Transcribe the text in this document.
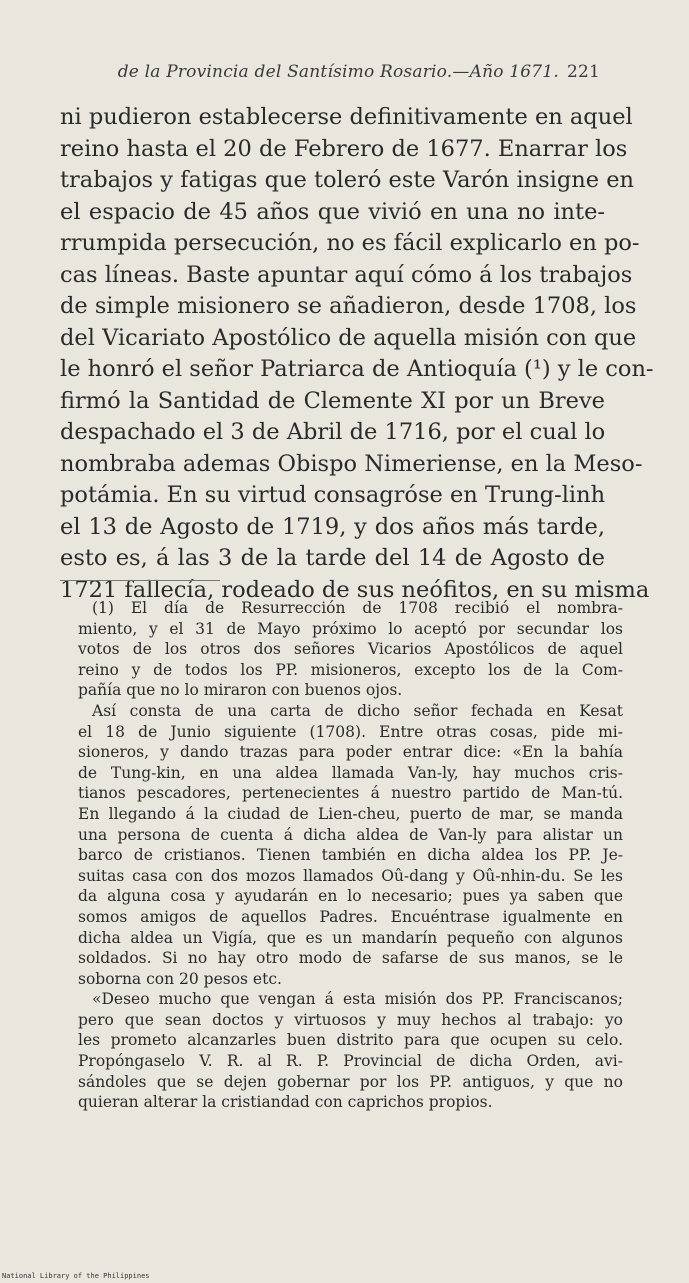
de la Provincia del Santísimo Rosario.—Año 1671. 221
ni pudieron establecerse definitivamente en aquel
reino hasta el 20 de Febrero de 1677. Enarrar los
trabajos y fatigas que toleró este Varón insigne en
el espacio de 45 años que vivió en una no inte-
rrumpida persecución, no es fácil explicarlo en po-
cas líneas. Baste apuntar aquí cómo á los trabajos
de simple misionero se añadieron, desde 1708, los
del Vicariato Apostólico de aquella misión con que
le honró el señor Patriarca de Antioquía (¹) y le con-
firmó la Santidad de Clemente XI por un Breve
despachado el 3 de Abril de 1716, por el cual lo
nombraba ademas Obispo Nimeriense, en la Meso-
potámia. En su virtud consagróse en Trung-linh
el 13 de Agosto de 1719, y dos años más tarde,
esto es, á las 3 de la tarde del 14 de Agosto de
1721 fallecía, rodeado de sus neófitos, en su misma
(1) El día de Resurrección de 1708 recibió el nombra-
miento, y el 31 de Mayo próximo lo aceptó por secundar los
votos de los otros dos señores Vicarios Apostólicos de aquel
reino y de todos los PP. misioneros, excepto los de la Com-
pañía que no lo miraron con buenos ojos.
Así consta de una carta de dicho señor fechada en Kesat
el 18 de Junio siguiente (1708). Entre otras cosas, pide mi-
sioneros, y dando trazas para poder entrar dice: «En la bahía
de Tung-kin, en una aldea llamada Van-ly, hay muchos cris-
tianos pescadores, pertenecientes á nuestro partido de Man-tú.
En llegando á la ciudad de Lien-cheu, puerto de mar, se manda
una persona de cuenta á dicha aldea de Van-ly para alistar un
barco de cristianos. Tienen también en dicha aldea los PP. Je-
suitas casa con dos mozos llamados Oû-dang y Oû-nhin-du. Se les
da alguna cosa y ayudarán en lo necesario; pues ya saben que
somos amigos de aquellos Padres. Encuéntrase igualmente en
dicha aldea un Vigía, que es un mandarín pequeño con algunos
soldados. Si no hay otro modo de safarse de sus manos, se le
soborna con 20 pesos etc.
«Deseo mucho que vengan á esta misión dos PP. Franciscanos;
pero que sean doctos y virtuosos y muy hechos al trabajo: yo
les prometo alcanzarles buen distrito para que ocupen su celo.
Propóngaselo V. R. al R. P. Provincial de dicha Orden, avi-
sándoles que se dejen gobernar por los PP. antiguos, y que no
quieran alterar la cristiandad con caprichos propios.
National Library of the Philippines
